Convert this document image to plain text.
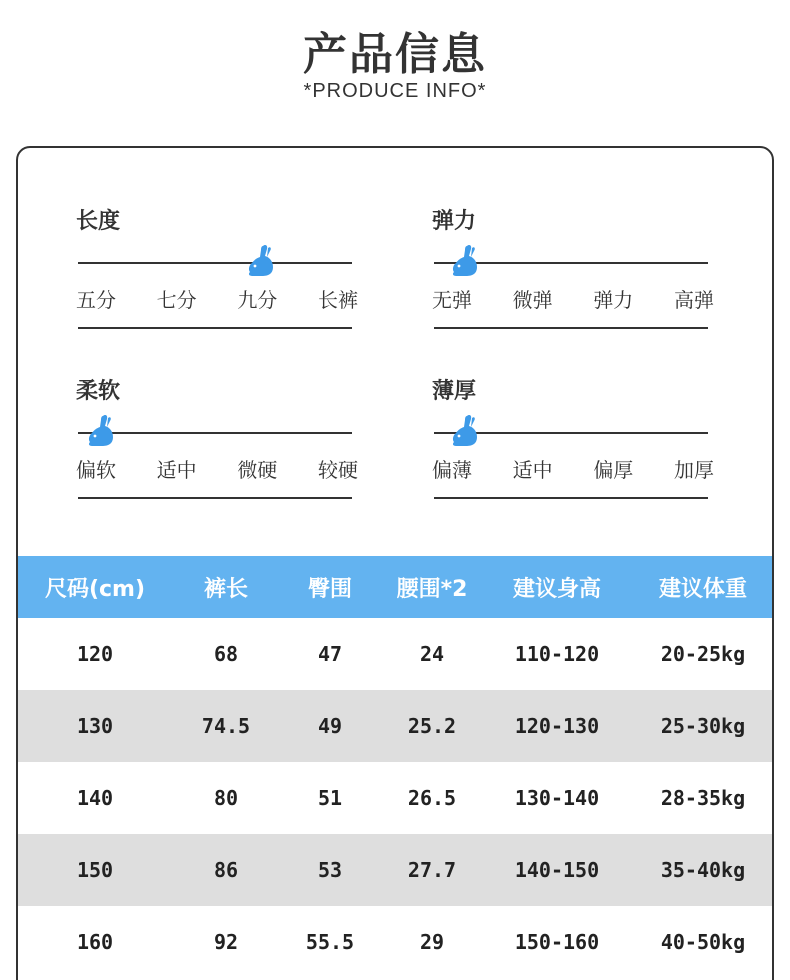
产品信息
*PRODUCE INFO*
长度
五分	七分	九分	长裤
弹力
无弹	微弹	弹力	高弹
柔软
偏软	适中	微硬	较硬
薄厚
偏薄	适中	偏厚	加厚
尺码(cm)	裤长	臀围	腰围*2	建议身高	建议体重
120	68	47	24	110-120	20-25kg
130	74.5	49	25.2	120-130	25-30kg
140	80	51	26.5	130-140	28-35kg
150	86	53	27.7	140-150	35-40kg
160	92	55.5	29	150-160	40-50kg
